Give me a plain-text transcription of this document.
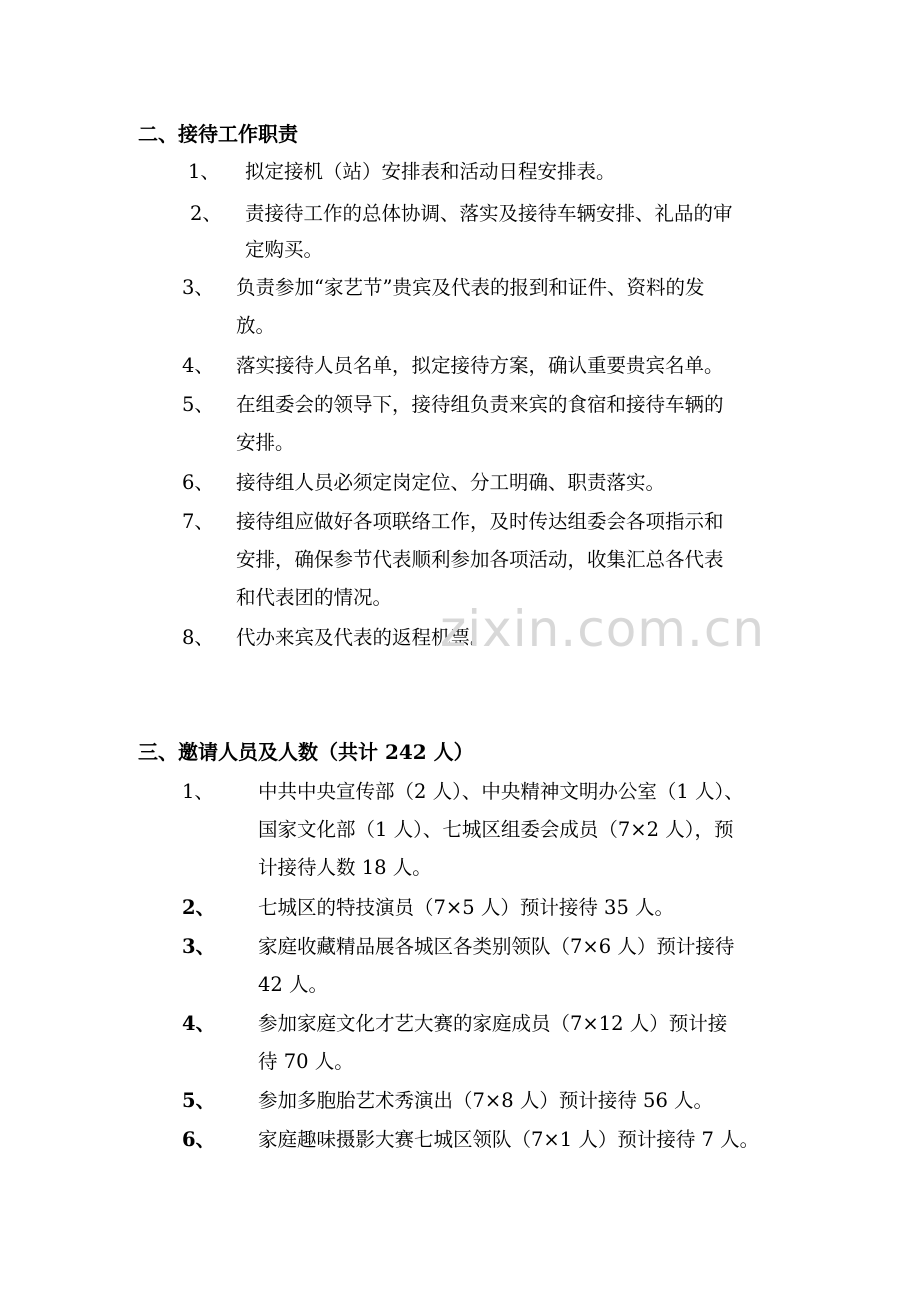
二、接待工作职责
1、 拟定接机（站）安排表和活动日程安排表。
2、 责接待工作的总体协调、落实及接待车辆安排、礼品的审
定购买。
3、 负责参加“家艺节”贵宾及代表的报到和证件、资料的发
放。
4、 落实接待人员名单，拟定接待方案，确认重要贵宾名单。
5、 在组委会的领导下，接待组负责来宾的食宿和接待车辆的
安排。
6、 接待组人员必须定岗定位、分工明确、职责落实。
7、 接待组应做好各项联络工作，及时传达组委会各项指示和
安排，确保参节代表顺利参加各项活动，收集汇总各代表
和代表团的情况。
8、 代办来宾及代表的返程机票。
zixin.com.cn
三、邀请人员及人数（共计 242 人）
1、 中共中央宣传部（2 人）、中央精神文明办公室（1 人）、
国家文化部（1 人）、七城区组委会成员（7×2 人），预
计接待人数 18 人。
2、 七城区的特技演员（7×5 人）预计接待 35 人。
3、 家庭收藏精品展各城区各类别领队（7×6 人）预计接待
42 人。
4、 参加家庭文化才艺大赛的家庭成员（7×12 人）预计接
待 70 人。
5、 参加多胞胎艺术秀演出（7×8 人）预计接待 56 人。
6、 家庭趣味摄影大赛七城区领队（7×1 人）预计接待 7 人。
